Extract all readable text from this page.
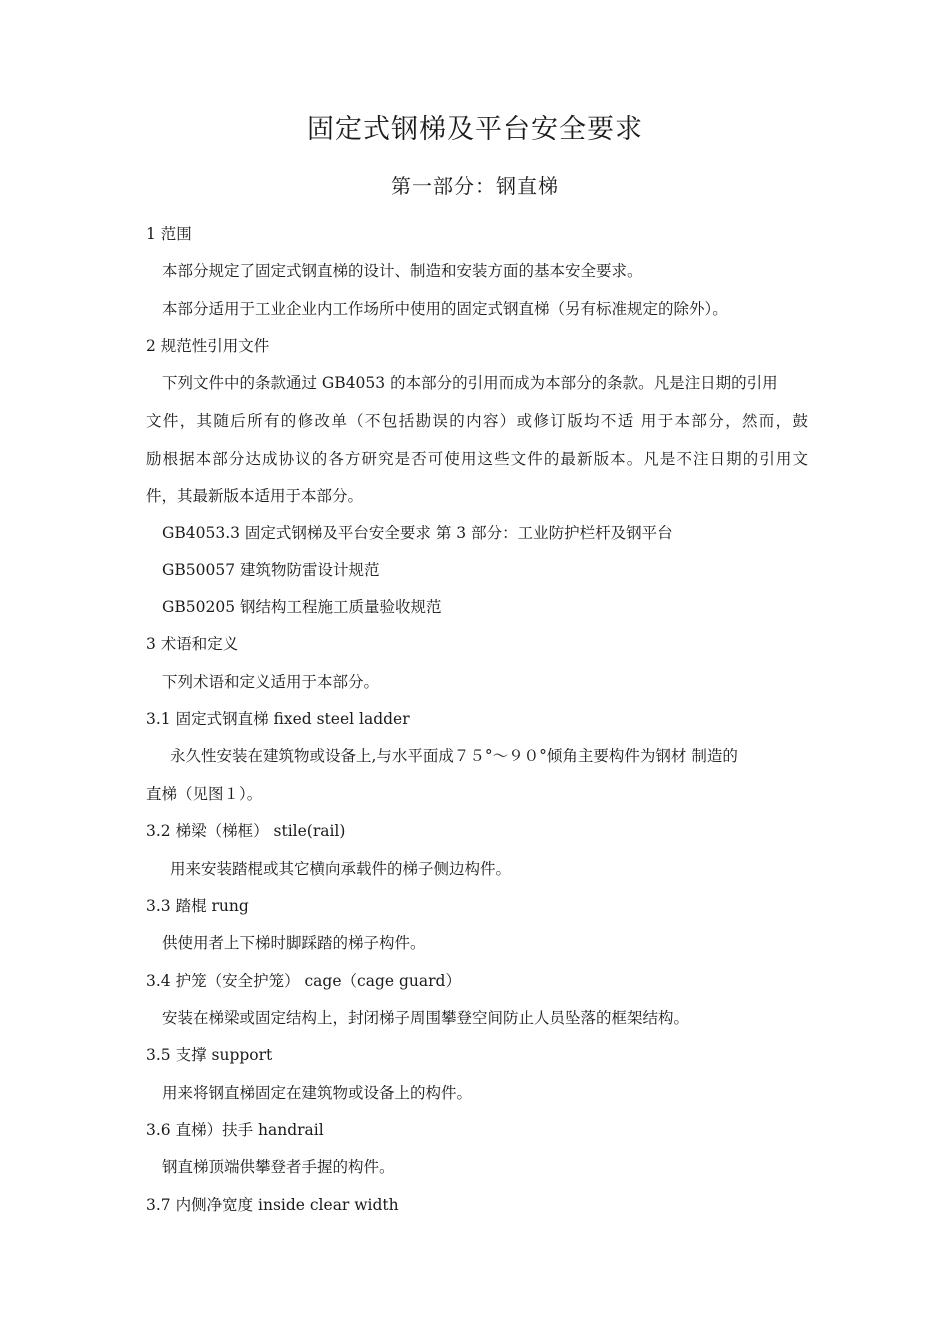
固定式钢梯及平台安全要求
第一部分：钢直梯
1 范围
本部分规定了固定式钢直梯的设计、制造和安装方面的基本安全要求。
本部分适用于工业企业内工作场所中使用的固定式钢直梯（另有标准规定的除外）。
2 规范性引用文件
下列文件中的条款通过 GB4053 的本部分的引用而成为本部分的条款。凡是注日期的引用
文件，其随后所有的修改单（不包括勘误的内容）或修订版均不适 用于本部分，然而，鼓
励根据本部分达成协议的各方研究是否可使用这些文件的最新版本。凡是不注日期的引用文
件，其最新版本适用于本部分。
GB4053.3 固定式钢梯及平台安全要求 第 3 部分：工业防护栏杆及钢平台
GB50057 建筑物防雷设计规范
GB50205 钢结构工程施工质量验收规范
3 术语和定义
下列术语和定义适用于本部分。
3.1 固定式钢直梯 fixed steel ladder
永久性安装在建筑物或设备上,与水平面成７５°～９０°倾角主要构件为钢材 制造的
直梯（见图１）。
3.2 梯梁（梯框） stile(rail)
用来安装踏棍或其它横向承载件的梯子侧边构件。
3.3 踏棍 rung
供使用者上下梯时脚踩踏的梯子构件。
3.4 护笼（安全护笼） cage（cage guard）
安装在梯梁或固定结构上，封闭梯子周围攀登空间防止人员坠落的框架结构。
3.5 支撑 support
用来将钢直梯固定在建筑物或设备上的构件。
3.6 直梯）扶手 handrail
钢直梯顶端供攀登者手握的构件。
3.7 内侧净宽度 inside clear width
